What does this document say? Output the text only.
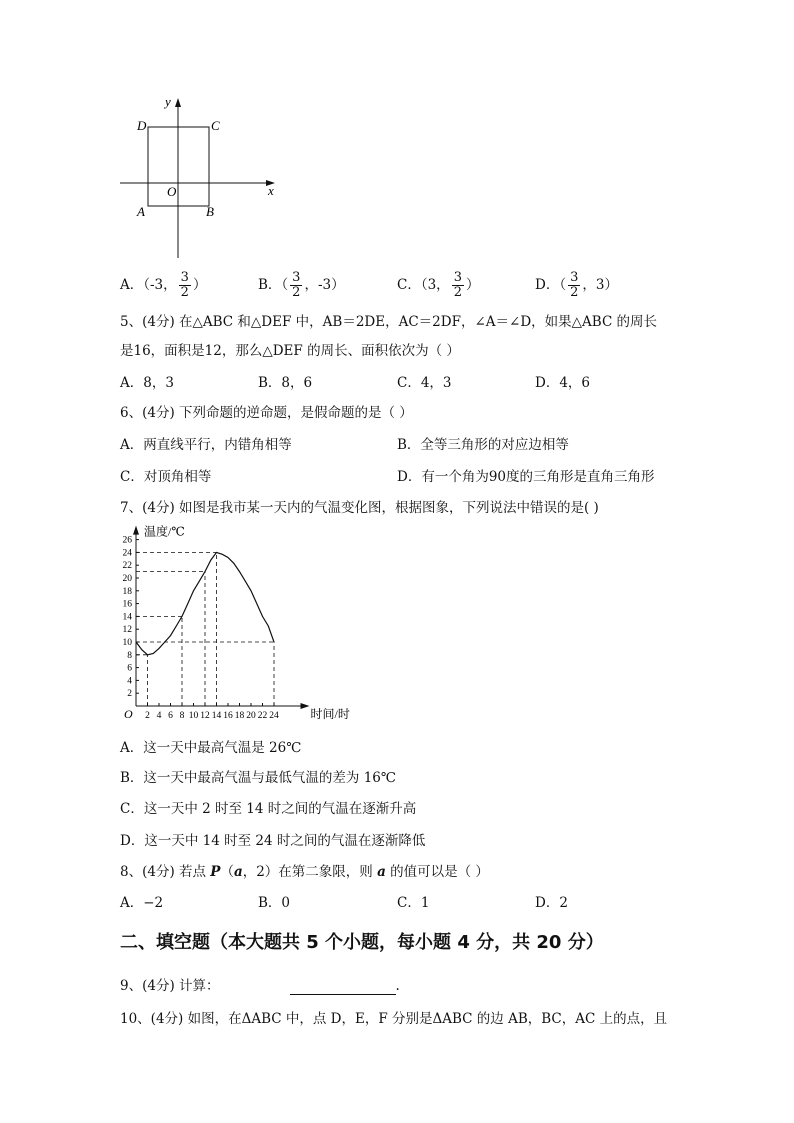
y
x
O
D	C
A	B
A．（-3， $\frac{3}{2}$ ）	B．（ $\frac{3}{2}$ ，-3）	C．（3， $\frac{3}{2}$ ）	D．（ $\frac{3}{2}$ ，3）
5、(4分) 在△ABC 和△DEF 中，AB＝2DE，AC＝2DF，∠A＝∠D，如果△ABC 的周长
是16，面积是12，那么△DEF 的周长、面积依次为（ ）
A．8，3	B．8，6	C．4，3	D．4，6
6、(4分) 下列命题的逆命题，是假命题的是（ ）
A．两直线平行，内错角相等	B．全等三角形的对应边相等
C．对顶角相等	D．有一个角为90度的三角形是直角三角形
7、(4分) 如图是我市某一天内的气温变化图，根据图象，下列说法中错误的是( )
2
4
6
8
10
12
14
16
18
20
22
24
26
2 4 6 8 10 12 14 16 18 20 22 24
温度/℃
时间/时
O
A．这一天中最高气温是 26℃
B．这一天中最高气温与最低气温的差为 16℃
C．这一天中 2 时至 14 时之间的气温在逐渐升高
D．这一天中 14 时至 24 时之间的气温在逐渐降低
8、(4分) 若点 P（a，2）在第二象限，则 a 的值可以是（ ）
A．−2	B．0	C．1	D．2
二、填空题（本大题共 5 个小题，每小题 4 分，共 20 分）
9、(4分) 计算：	.
10、(4分) 如图，在ΔABC 中，点 D，E，F 分别是ΔABC 的边 AB，BC，AC 上的点，且
